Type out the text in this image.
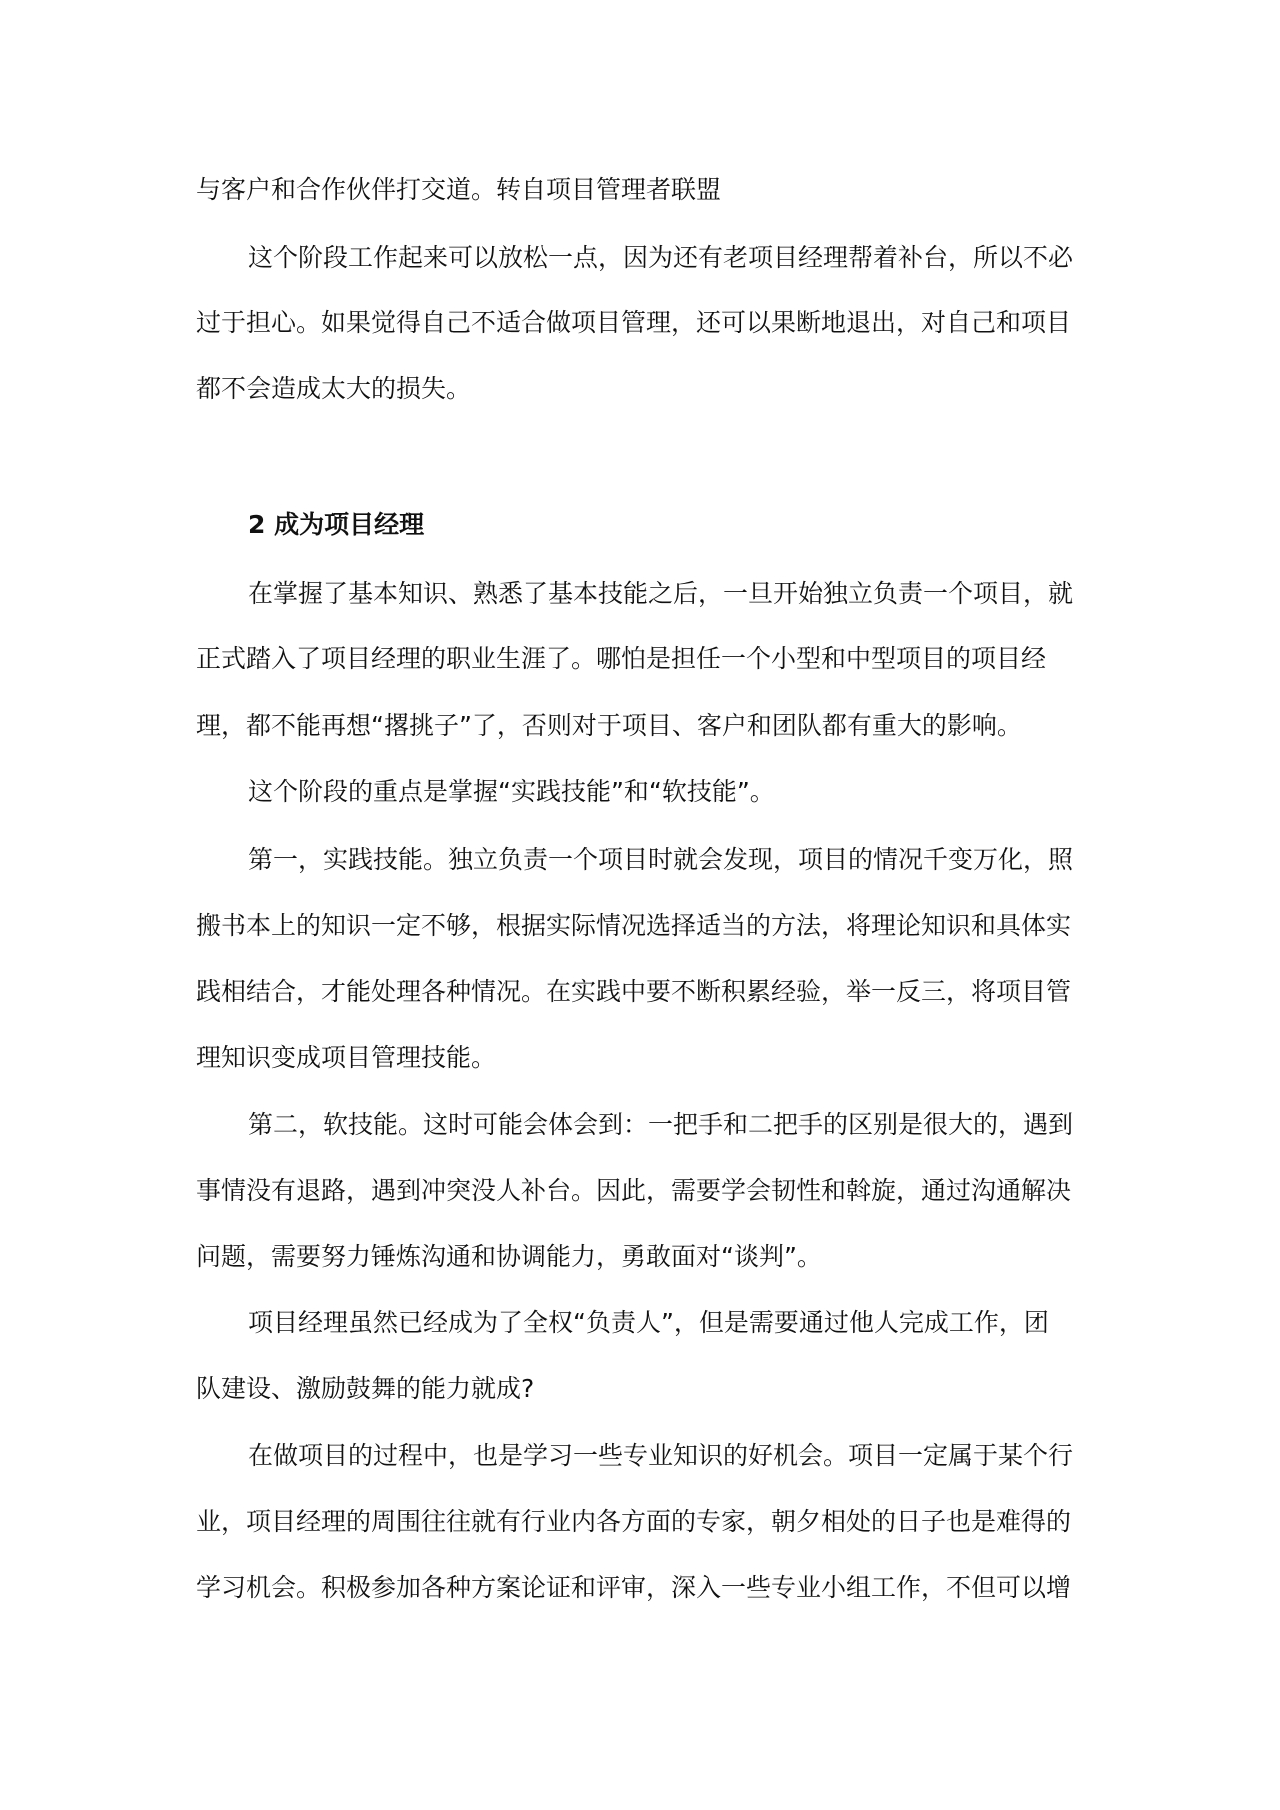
与客户和合作伙伴打交道。转自项目管理者联盟
这个阶段工作起来可以放松一点，因为还有老项目经理帮着补台，所以不必
过于担心。如果觉得自己不适合做项目管理，还可以果断地退出，对自己和项目
都不会造成太大的损失。
2 成为项目经理
在掌握了基本知识、熟悉了基本技能之后，一旦开始独立负责一个项目，就
正式踏入了项目经理的职业生涯了。哪怕是担任一个小型和中型项目的项目经
理，都不能再想“撂挑子”了，否则对于项目、客户和团队都有重大的影响。
这个阶段的重点是掌握“实践技能”和“软技能”。
第一，实践技能。独立负责一个项目时就会发现，项目的情况千变万化，照
搬书本上的知识一定不够，根据实际情况选择适当的方法，将理论知识和具体实
践相结合，才能处理各种情况。在实践中要不断积累经验，举一反三，将项目管
理知识变成项目管理技能。
第二，软技能。这时可能会体会到：一把手和二把手的区别是很大的，遇到
事情没有退路，遇到冲突没人补台。因此，需要学会韧性和斡旋，通过沟通解决
问题，需要努力锤炼沟通和协调能力，勇敢面对“谈判”。
项目经理虽然已经成为了全权“负责人”，但是需要通过他人完成工作，团
队建设、激励鼓舞的能力就成?
在做项目的过程中，也是学习一些专业知识的好机会。项目一定属于某个行
业，项目经理的周围往往就有行业内各方面的专家，朝夕相处的日子也是难得的
学习机会。积极参加各种方案论证和评审，深入一些专业小组工作，不但可以增
